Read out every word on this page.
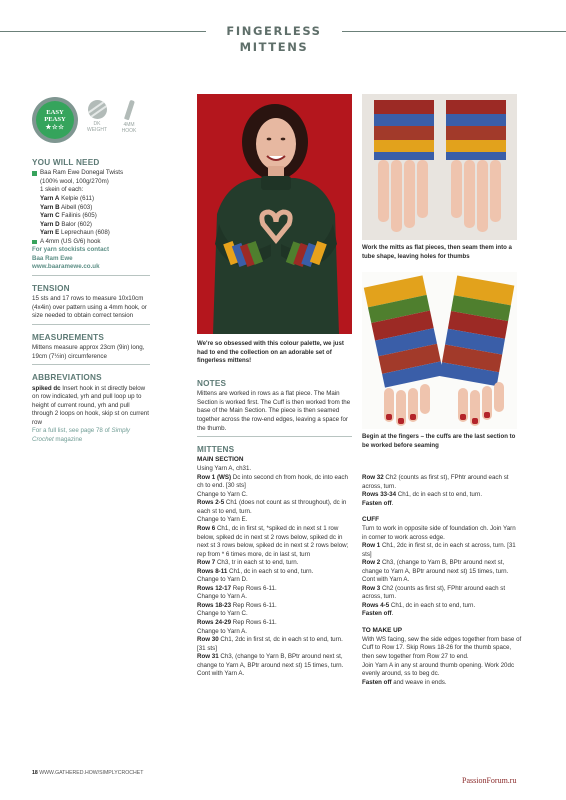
FINGERLESS MITTENS
EASY
PEASY
★☆☆	DK
WEIGHT
4MM
HOOK
YOU WILL NEED
Baa Ram Ewe Donegal Twists
(100% wool, 100g/270m)
1 skein of each:
Yarn A Kelpie (611)
Yarn B Aibell (603)
Yarn C Failinis (605)
Yarn D Balor (602)
Yarn E Leprechaun (608)
A 4mm (US G/6) hook
For yarn stockists contact
Baa Ram Ewe
www.baaramewe.co.uk
TENSION
15 sts and 17 rows to measure 10x10cm (4x4in) over pattern using a 4mm hook, or size needed to obtain correct tension
MEASUREMENTS
Mittens measure approx 23cm (9in) long, 19cm (7½in) circumference
ABBREVIATIONS
spiked dc Insert hook in st directly below on row indicated, yrh and pull loop up to height of current round, yrh and pull through 2 loops on hook, skip st on current row
For a full list, see page 78 of Simply Crochet magazine
We're so obsessed with this colour palette, we just had to end the collection on an adorable set of fingerless mittens!
Work the mitts as flat pieces, then seam them into a tube shape, leaving holes for thumbs
Begin at the fingers – the cuffs are the last section to be worked before seaming
NOTES
Mittens are worked in rows as a flat piece. The Main Section is worked first. The Cuff is then worked from the base of the Main Section. The piece is then seamed together across the row-end edges, leaving a space for the thumb.
MITTENS
MAIN SECTION
Using Yarn A, ch31.
Row 1 (WS) Dc into second ch from hook, dc into each ch to end. [30 sts]
Change to Yarn C.
Rows 2-5 Ch1 (does not count as st throughout), dc in each st to end, turn.
Change to Yarn E.
Row 6 Ch1, dc in first st, *spiked dc in next st 1 row below, spiked dc in next st 2 rows below, spiked dc in next st 3 rows below, spiked dc in next st 2 rows below; rep from * 6 times more, dc in last st, turn
Row 7 Ch3, tr in each st to end, turn.
Rows 8-11 Ch1, dc in each st to end, turn.
Change to Yarn D.
Rows 12-17 Rep Rows 6-11.
Change to Yarn A.
Rows 18-23 Rep Rows 6-11.
Change to Yarn C.
Rows 24-29 Rep Rows 6-11.
Change to Yarn A.
Row 30 Ch1, 2dc in first st, dc in each st to end, turn. [31 sts]
Row 31 Ch3, (change to Yarn B, BPtr around next st, change to Yarn A, BPtr around next st) 15 times, turn.
Cont with Yarn A.
Row 32 Ch2 (counts as first st), FPhtr around each st across, turn.
Rows 33-34 Ch1, dc in each st to end, turn.
Fasten off.
CUFF
Turn to work in opposite side of foundation ch. Join Yarn in corner to work across edge.
Row 1 Ch1, 2dc in first st, dc in each st across, turn. [31 sts]
Row 2 Ch3, (change to Yarn B, BPtr around next st, change to Yarn A, BPtr around next st) 15 times, turn.
Cont with Yarn A.
Row 3 Ch2 (counts as first st), FPhtr around each st across, turn.
Rows 4-5 Ch1, dc in each st to end, turn.
Fasten off.
TO MAKE UP
With WS facing, sew the side edges together from base of Cuff to Row 17. Skip Rows 18-26 for the thumb space, then sew together from Row 27 to end.
Join Yarn A in any st around thumb opening. Work 20dc evenly around, ss to beg dc.
Fasten off and weave in ends.
18 WWW.GATHERED.HOW/SIMPLYCROCHET
PassionForum.ru
